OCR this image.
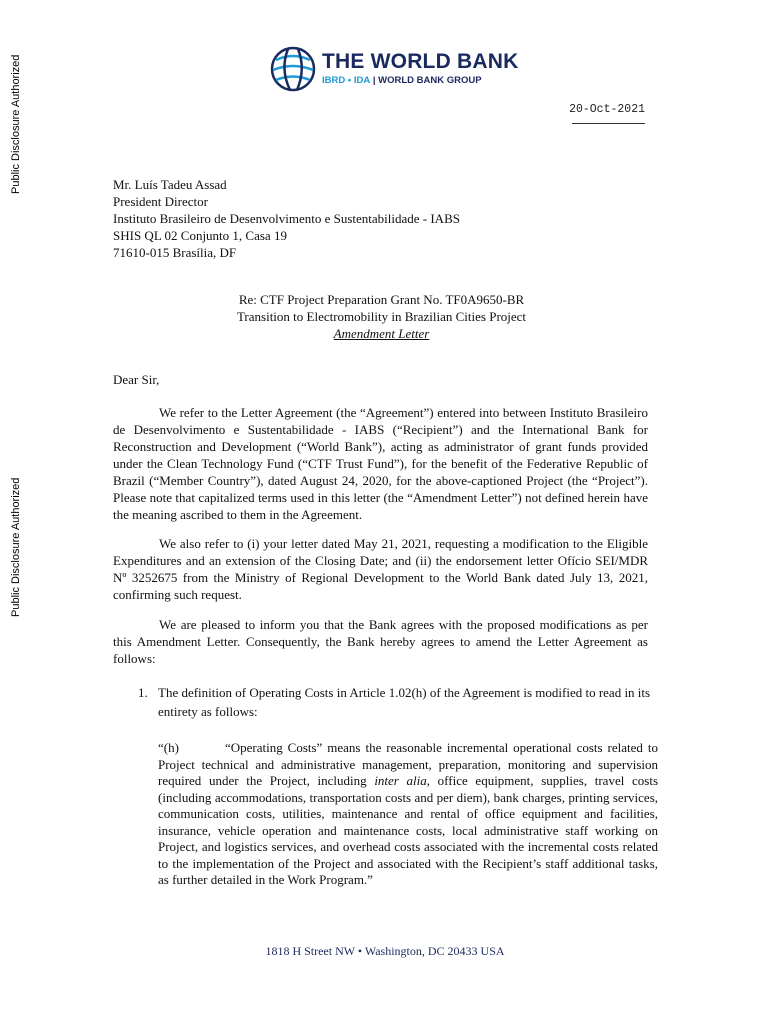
Public Disclosure Authorized
Public Disclosure Authorized
THE WORLD BANK
IBRD • IDA | WORLD BANK GROUP
20-Oct-2021
Mr. Luís Tadeu Assad
President Director
Instituto Brasileiro de Desenvolvimento e Sustentabilidade - IABS
SHIS QL 02 Conjunto 1, Casa 19
71610-015 Brasília, DF
Re: CTF Project Preparation Grant No. TF0A9650-BR
Transition to Electromobility in Brazilian Cities Project
Amendment Letter
Dear Sir,

We refer to the Letter Agreement (the “Agreement”) entered into between Instituto Brasileiro de Desenvolvimento e Sustentabilidade - IABS (“Recipient”) and the International Bank for Reconstruction and Development (“World Bank”), acting as administrator of grant funds provided under the Clean Technology Fund (“CTF Trust Fund”), for the benefit of the Federative Republic of Brazil (“Member Country”), dated August 24, 2020, for the above-captioned Project (the “Project”). Please note that capitalized terms used in this letter (the “Amendment Letter”) not defined herein have the meaning ascribed to them in the Agreement.

We also refer to (i) your letter dated May 21, 2021, requesting a modification to the Eligible Expenditures and an extension of the Closing Date; and (ii) the endorsement letter Ofício SEI/MDR Nº 3252675 from the Ministry of Regional Development to the World Bank dated July 13, 2021, confirming such request.

We are pleased to inform you that the Bank agrees with the proposed modifications as per this Amendment Letter. Consequently, the Bank hereby agrees to amend the Letter Agreement as follows:

1. The definition of Operating Costs in Article 1.02(h) of the Agreement is modified to read in its entirety as follows:

“(h)	“Operating Costs” means the reasonable incremental operational costs related to Project technical and administrative management, preparation, monitoring and supervision required under the Project, including inter alia, office equipment, supplies, travel costs (including accommodations, transportation costs and per diem), bank charges, printing services, communication costs, utilities, maintenance and rental of office equipment and facilities, insurance, vehicle operation and maintenance costs, local administrative staff working on Project, and logistics services, and overhead costs associated with the incremental costs related to the implementation of the Project and associated with the Recipient’s staff additional tasks, as further detailed in the Work Program.”

1818 H Street NW • Washington, DC 20433 USA
